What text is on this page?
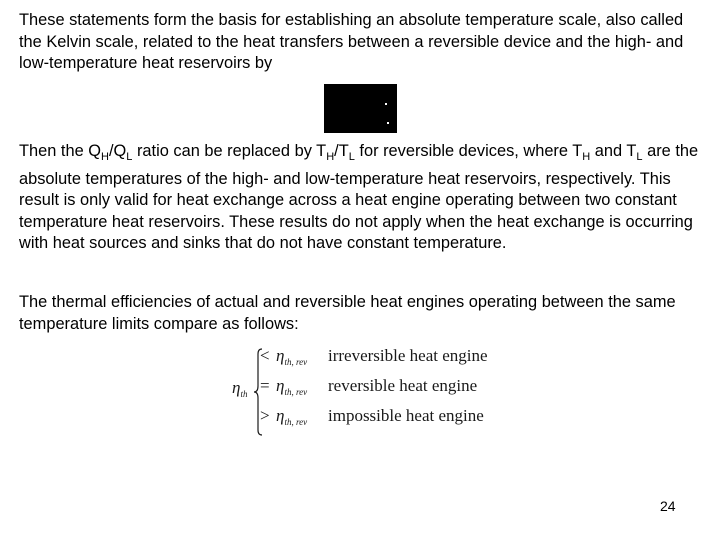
These statements form the basis for establishing an absolute temperature scale, also called the Kelvin scale, related to the heat transfers between a reversible device and the high- and low-temperature heat reservoirs by

Then the $Q_H/Q_L$ ratio can be replaced by $T_H/T_L$ for reversible devices, where $T_H$ and $T_L$ are the absolute temperatures of the high- and low-temperature heat reservoirs, respectively. This result is only valid for heat exchange across a heat engine operating between two constant temperature heat reservoirs. These results do not apply when the heat exchange is occurring with heat sources and sinks that do not have constant temperature.

The thermal efficiencies of actual and reversible heat engines operating between the same temperature limits compare as follows:

$\eta_{th}$
< $\eta_{th, rev}$ irreversible heat engine
= $\eta_{th, rev}$ reversible heat engine
> $\eta_{th, rev}$ impossible heat engine
24
